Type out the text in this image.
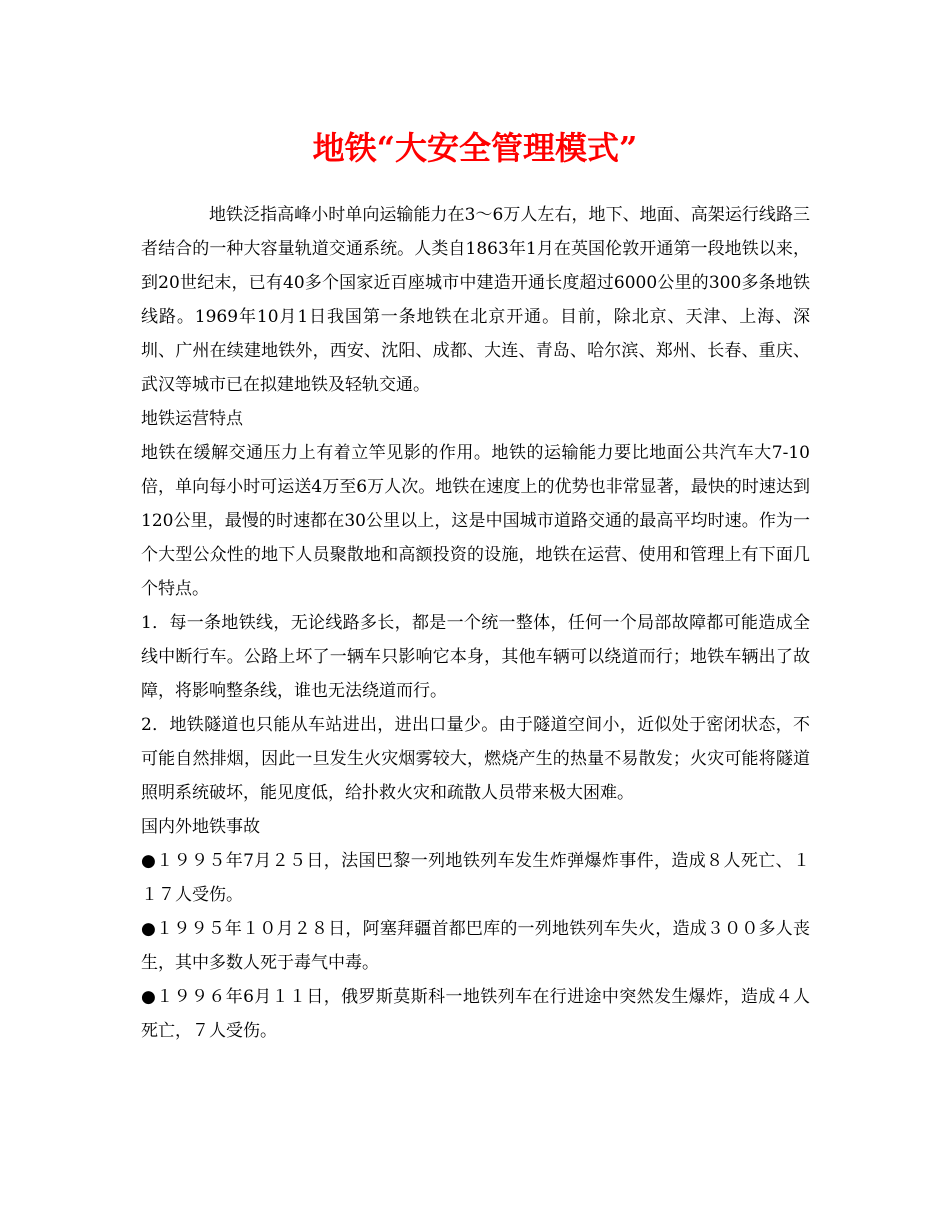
地铁“大安全管理模式”

地铁泛指高峰小时单向运输能力在3～6万人左右，地下、地面、高架运行线路三者结合的一种大容量轨道交通系统。人类自1863年1月在英国伦敦开通第一段地铁以来，到20世纪末，已有40多个国家近百座城市中建造开通长度超过6000公里的300多条地铁线路。1969年10月1日我国第一条地铁在北京开通。目前，除北京、天津、上海、深圳、广州在续建地铁外，西安、沈阳、成都、大连、青岛、哈尔滨、郑州、长春、重庆、武汉等城市已在拟建地铁及轻轨交通。

地铁运营特点

地铁在缓解交通压力上有着立竿见影的作用。地铁的运输能力要比地面公共汽车大7-10倍，单向每小时可运送4万至6万人次。地铁在速度上的优势也非常显著，最快的时速达到120公里，最慢的时速都在30公里以上，这是中国城市道路交通的最高平均时速。作为一个大型公众性的地下人员聚散地和高额投资的设施，地铁在运营、使用和管理上有下面几个特点。

1．每一条地铁线，无论线路多长，都是一个统一整体，任何一个局部故障都可能造成全线中断行车。公路上坏了一辆车只影响它本身，其他车辆可以绕道而行；地铁车辆出了故障，将影响整条线，谁也无法绕道而行。

2．地铁隧道也只能从车站进出，进出口量少。由于隧道空间小，近似处于密闭状态，不可能自然排烟，因此一旦发生火灾烟雾较大，燃烧产生的热量不易散发；火灾可能将隧道照明系统破坏，能见度低，给扑救火灾和疏散人员带来极大困难。

国内外地铁事故

●１９９５年7月２５日，法国巴黎一列地铁列车发生炸弹爆炸事件，造成８人死亡、１１７人受伤。

●１９９５年１０月２８日，阿塞拜疆首都巴库的一列地铁列车失火，造成３００多人丧生，其中多数人死于毒气中毒。

●１９９６年6月１１日，俄罗斯莫斯科一地铁列车在行进途中突然发生爆炸，造成４人死亡，７人受伤。
